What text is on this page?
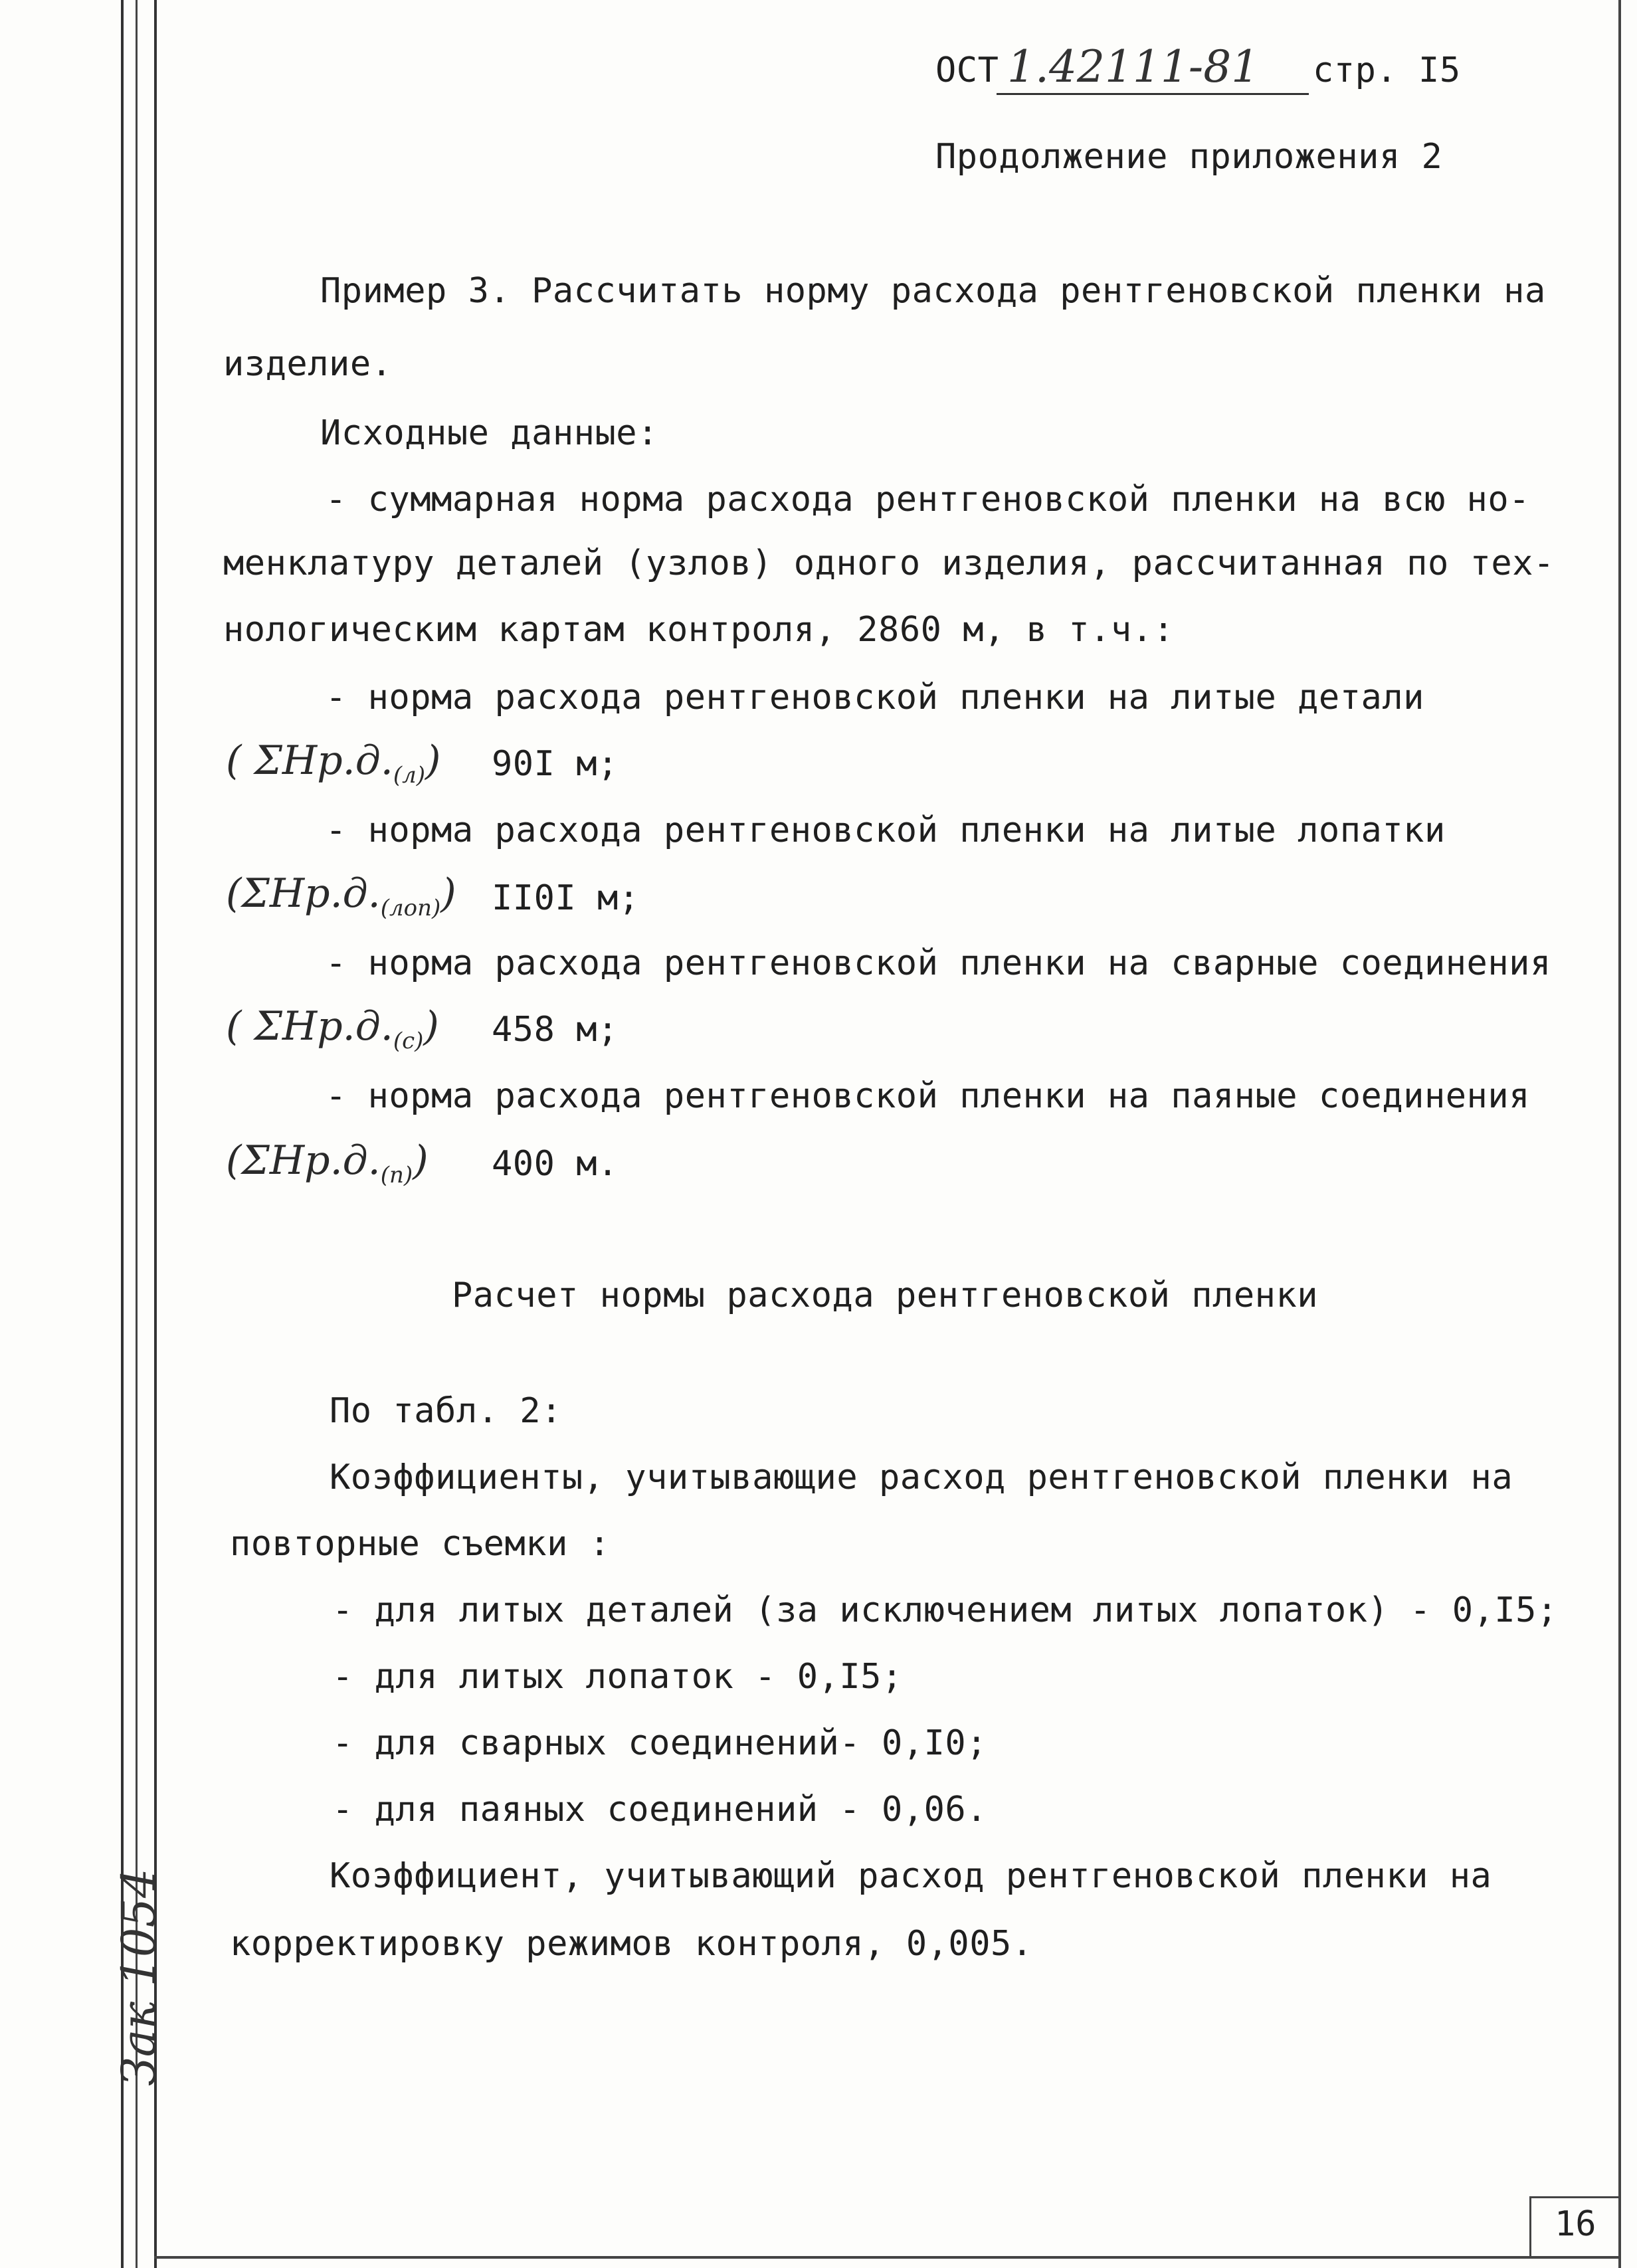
16
ОСТ 1.42111-81 стр. I5
Продолжение приложения 2
Пример 3. Рассчитать норму расхода рентгеновской пленки на
изделие.
Исходные данные:
- суммарная норма расхода рентгеновской пленки на всю но-
менклатуру деталей (узлов) одного изделия, рассчитанная по тех-
нологическим картам контроля, 2860 м, в т.ч.:
- норма расхода рентгеновской пленки на литые детали
( $\Sigma Hр.д._{(л)}$) 90I м;
- норма расхода рентгеновской пленки на литые лопатки
$(\Sigma Hр.д._{(лоп)})$ II0I м;
- норма расхода рентгеновской пленки на сварные соединения
( $\Sigma Hр.д._{(с)}$) 458 м;
- норма расхода рентгеновской пленки на паяные соединения
$(\Sigma Hр.д._{(п)})$ 400 м.
Расчет нормы расхода рентгеновской пленки
По табл. 2:
Коэффициенты, учитывающие расход рентгеновской пленки на
повторные съемки :
- для литых деталей (за исключением литых лопаток) - 0,I5;
- для литых лопаток - 0,I5;
- для сварных соединений- 0,I0;
- для паяных соединений - 0,06.
Коэффициент, учитывающий расход рентгеновской пленки на
корректировку режимов контроля, 0,005.
Зак 1054
